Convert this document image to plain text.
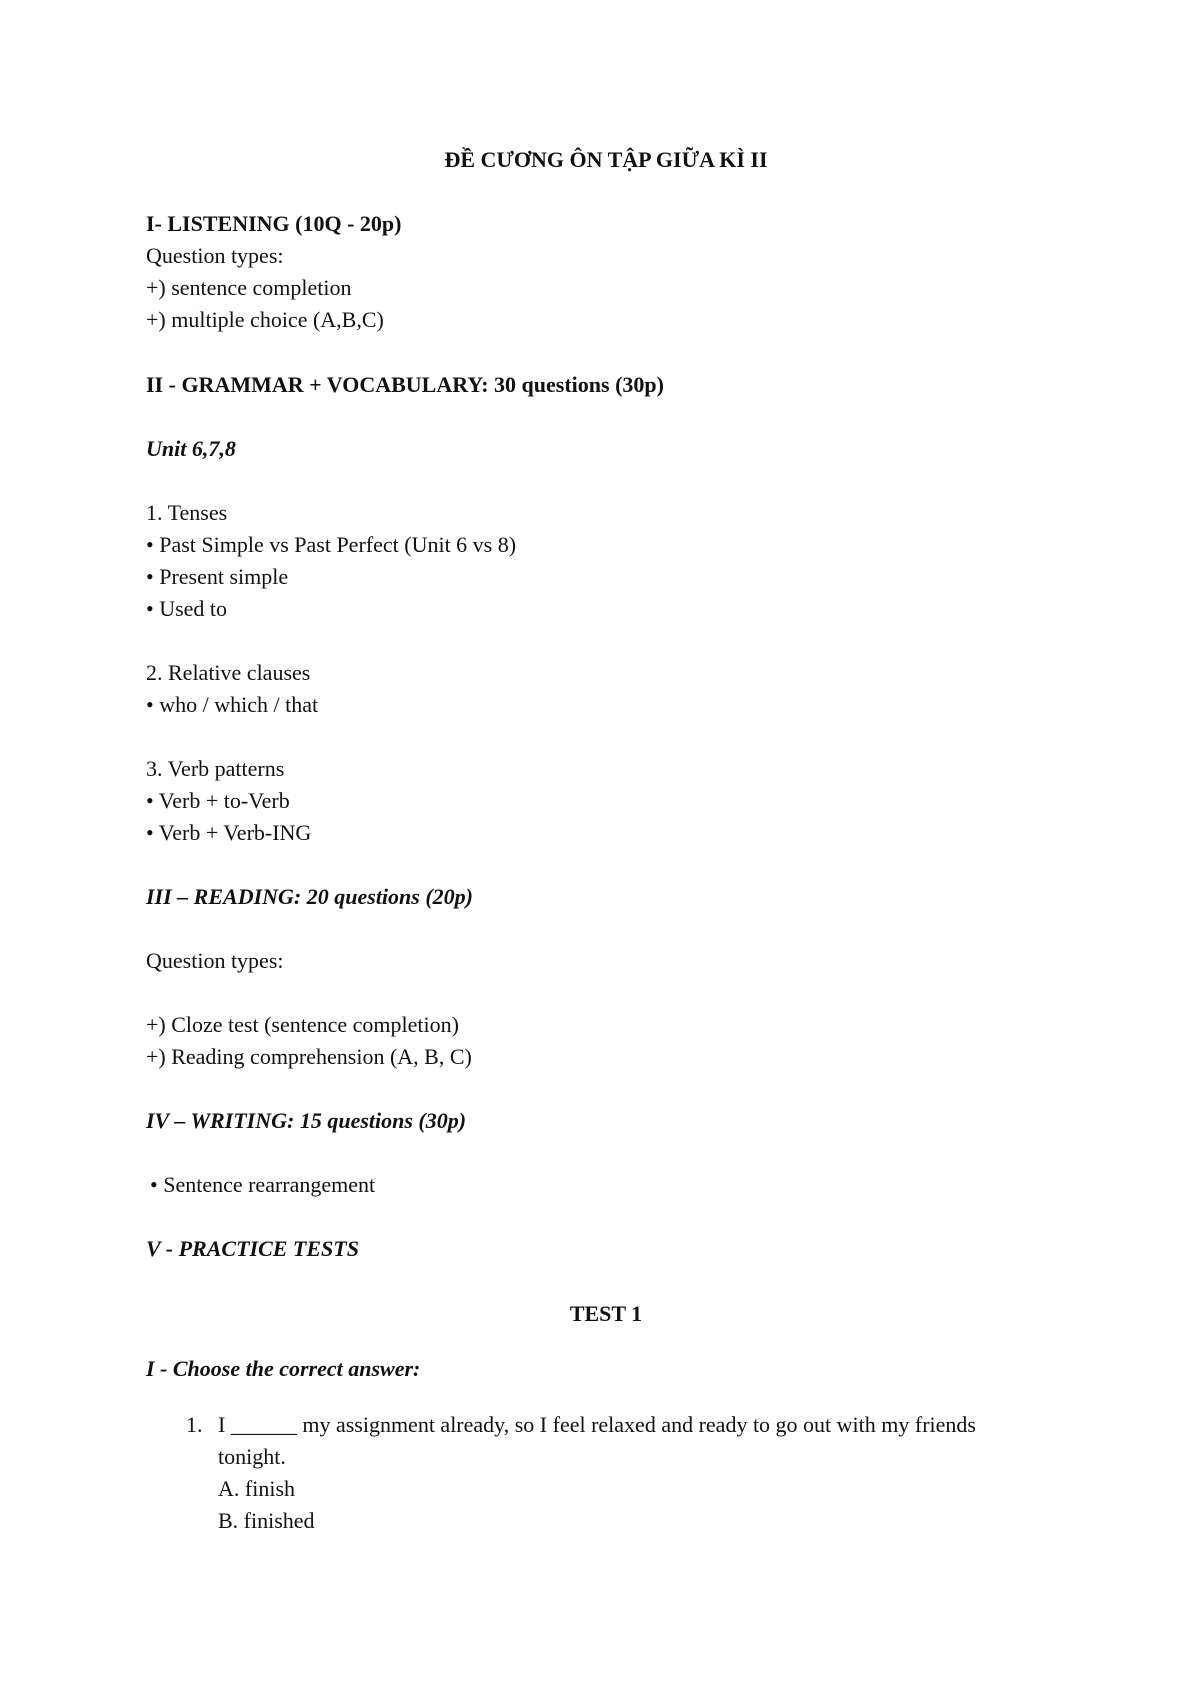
ĐỀ CƯƠNG ÔN TẬP GIỮA KÌ II
I- LISTENING (10Q - 20p)
Question types:
+) sentence completion
+) multiple choice (A,B,C)
II - GRAMMAR + VOCABULARY: 30 questions (30p)
Unit 6,7,8
1. Tenses
• Past Simple vs Past Perfect (Unit 6 vs 8)
• Present simple
• Used to
2. Relative clauses
• who / which / that
3. Verb patterns
• Verb + to-Verb
• Verb + Verb-ING
III – READING: 20 questions (20p)
Question types:
+) Cloze test (sentence completion)
+) Reading comprehension (A, B, C)
IV – WRITING: 15 questions (30p)
• Sentence rearrangement
V - PRACTICE TESTS
TEST 1
I - Choose the correct answer:
1. I ______ my assignment already, so I feel relaxed and ready to go out with my friends
tonight.
A. finish
B. finished
